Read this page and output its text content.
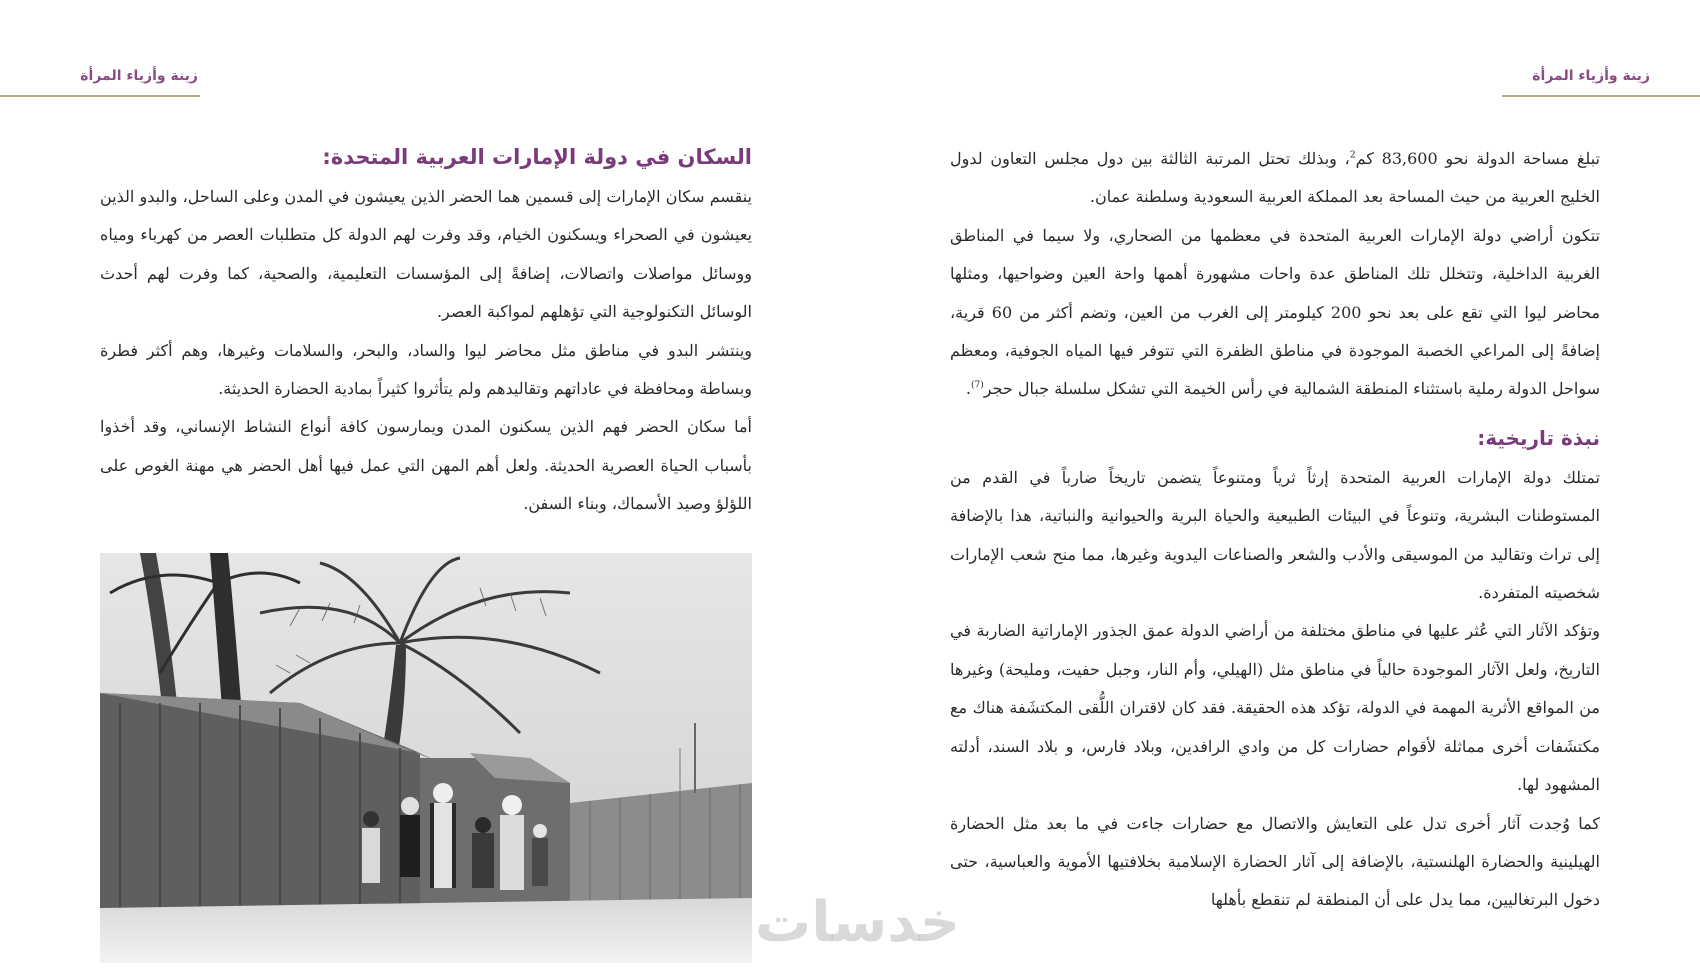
زينة وأزياء المرأة
السكان في دولة الإمارات العربية المتحدة:

ينقسم سكان الإمارات إلى قسمين هما الحضر الذين يعيشون في المدن وعلى الساحل، والبدو الذين يعيشون في الصحراء ويسكنون الخيام، وقد وفرت لهم الدولة كل متطلبات العصر من كهرباء ومياه ووسائل مواصلات واتصالات، إضافةً إلى المؤسسات التعليمية، والصحية، كما وفرت لهم أحدث الوسائل التكنولوجية التي تؤهلهم لمواكبة العصر.

وينتشر البدو في مناطق مثل محاضر ليوا والساد، والبحر، والسلامات وغيرها، وهم أكثر فطرة وبساطة ومحافظة في عاداتهم وتقاليدهم ولم يتأثروا كثيراً بمادية الحضارة الحديثة.

أما سكان الحضر فهم الذين يسكنون المدن ويمارسون كافة أنواع النشاط الإنساني، وقد أخذوا بأسباب الحياة العصرية الحديثة. ولعل أهم المهن التي عمل فيها أهل الحضر هي مهنة الغوص على اللؤلؤ وصيد الأسماك، وبناء السفن.

زينة وأزياء المرأة

تبلغ مساحة الدولة نحو 83,600 كم$^2$، وبذلك تحتل المرتبة الثالثة بين دول مجلس التعاون لدول الخليج العربية من حيث المساحة بعد المملكة العربية السعودية وسلطنة عمان.

تتكون أراضي دولة الإمارات العربية المتحدة في معظمها من الصحاري، ولا سيما في المناطق الغربية الداخلية، وتتخلل تلك المناطق عدة واحات مشهورة أهمها واحة العين وضواحيها، ومثلها محاضر ليوا التي تقع على بعد نحو 200 كيلومتر إلى الغرب من العين، وتضم أكثر من 60 قرية، إضافةً إلى المراعي الخصبة الموجودة في مناطق الظفرة التي تتوفر فيها المياه الجوفية، ومعظم سواحل الدولة رملية باستثناء المنطقة الشمالية في رأس الخيمة التي تشكل سلسلة جبال حجر$^{(7)}$.

نبذة تاريخية:

تمتلك دولة الإمارات العربية المتحدة إرثاً ثرياً ومتنوعاً يتضمن تاريخاً ضارباً في القدم من المستوطنات البشرية، وتنوعاً في البيئات الطبيعية والحياة البرية والحيوانية والنباتية، هذا بالإضافة إلى تراث وتقاليد من الموسيقى والأدب والشعر والصناعات اليدوية وغيرها، مما منح شعب الإمارات شخصيته المتفردة.

وتؤكد الآثار التي عُثر عليها في مناطق مختلفة من أراضي الدولة عمق الجذور الإماراتية الضاربة في التاريخ، ولعل الآثار الموجودة حالياً في مناطق مثل (الهيلي، وأم النار، وجبل حفيت، ومليحة) وغيرها من المواقع الأثرية المهمة في الدولة، تؤكد هذه الحقيقة. فقد كان لاقتران اللُّقى المكتشَفة هناك مع مكتشَفات أخرى مماثلة لأقوام حضارات كل من وادي الرافدين، وبلاد فارس، و بلاد السند، أدلته المشهود لها.

كما وُجدت آثار أخرى تدل على التعايش والاتصال مع حضارات جاءت في ما بعد مثل الحضارة الهيلينية والحضارة الهلنستية، بالإضافة إلى آثار الحضارة الإسلامية بخلافتيها الأموية والعباسية، حتى دخول البرتغاليين، مما يدل على أن المنطقة لم تنقطع بأهلها

خدسات
